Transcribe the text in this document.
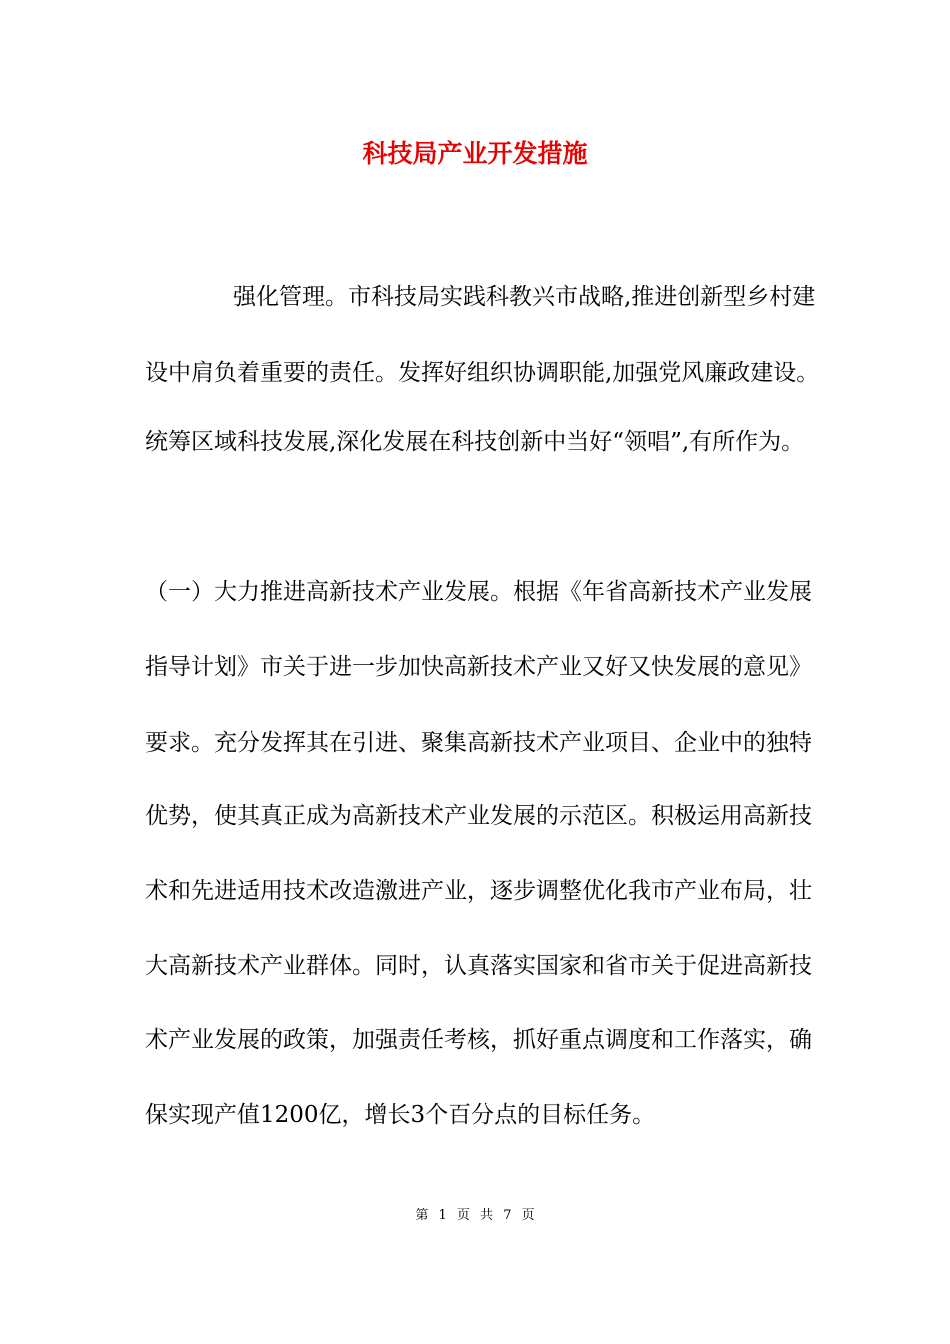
科技局产业开发措施

强化管理。市科技局实践科教兴市战略,推进创新型乡村建

设中肩负着重要的责任。发挥好组织协调职能,加强党风廉政建设。

统筹区域科技发展,深化发展在科技创新中当好“领唱”,有所作为。

（一）大力推进高新技术产业发展。根据《年省高新技术产业发展

指导计划》市关于进一步加快高新技术产业又好又快发展的意见》

要求。充分发挥其在引进、聚集高新技术产业项目、企业中的独特

优势，使其真正成为高新技术产业发展的示范区。积极运用高新技

术和先进适用技术改造激进产业，逐步调整优化我市产业布局，壮

大高新技术产业群体。同时，认真落实国家和省市关于促进高新技

术产业发展的政策，加强责任考核，抓好重点调度和工作落实，确

保实现产值1200亿，增长3个百分点的目标任务。

第 1 页 共 7 页
